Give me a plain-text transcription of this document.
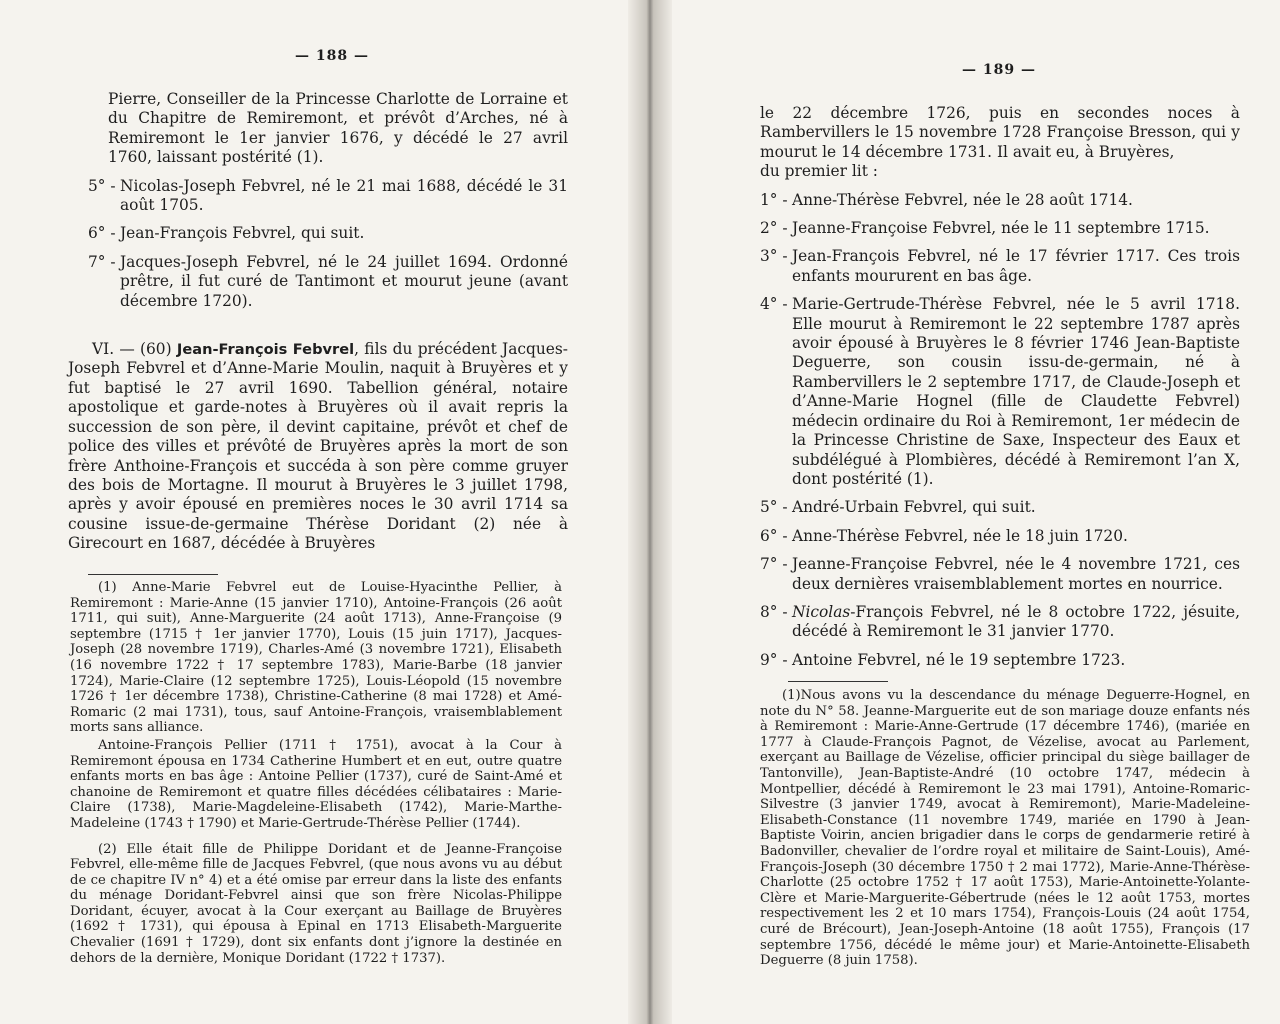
— 188 —

Pierre, Conseiller de la Princesse Charlotte de Lorraine et du Chapitre de Remiremont, et prévôt d’Arches, né à Remiremont le 1er janvier 1676, y décédé le 27 avril 1760, laissant postérité (1).

5° - Nicolas-Joseph Febvrel, né le 21 mai 1688, décédé le 31 août 1705.
6° - Jean-François Febvrel, qui suit.
7° - Jacques-Joseph Febvrel, né le 24 juillet 1694. Ordonné prêtre, il fut curé de Tantimont et mourut jeune (avant décembre 1720).

VI. — (60) Jean-François Febvrel, fils du précédent Jacques-Joseph Febvrel et d’Anne-Marie Moulin, naquit à Bruyères et y fut baptisé le 27 avril 1690. Tabellion général, notaire apostolique et garde-notes à Bruyères où il avait repris la succession de son père, il devint capitaine, prévôt et chef de police des villes et prévôté de Bruyères après la mort de son frère Anthoine-François et succéda à son père comme gruyer des bois de Mortagne. Il mourut à Bruyères le 3 juillet 1798, après y avoir épousé en premières noces le 30 avril 1714 sa cousine issue-de-germaine Thérèse Doridant (2) née à Girecourt en 1687, décédée à Bruyères

(1) Anne-Marie Febvrel eut de Louise-Hyacinthe Pellier, à Remiremont : Marie-Anne (15 janvier 1710), Antoine-François (26 août 1711, qui suit), Anne-Marguerite (24 août 1713), Anne-Françoise (9 septembre (1715 † 1er janvier 1770), Louis (15 juin 1717), Jacques-Joseph (28 novembre 1719), Charles-Amé (3 novembre 1721), Elisabeth (16 novembre 1722 † 17 septembre 1783), Marie-Barbe (18 janvier 1724), Marie-Claire (12 septembre 1725), Louis-Léopold (15 novembre 1726 † 1er décembre 1738), Christine-Catherine (8 mai 1728) et Amé-Romaric (2 mai 1731), tous, sauf Antoine-François, vraisemblablement morts sans alliance.

Antoine-François Pellier (1711 † 1751), avocat à la Cour à Remiremont épousa en 1734 Catherine Humbert et en eut, outre quatre enfants morts en bas âge : Antoine Pellier (1737), curé de Saint-Amé et chanoine de Remiremont et quatre filles décédées célibataires : Marie-Claire (1738), Marie-Magdeleine-Elisabeth (1742), Marie-Marthe-Madeleine (1743 † 1790) et Marie-Gertrude-Thérèse Pellier (1744).

(2) Elle était fille de Philippe Doridant et de Jeanne-Françoise Febvrel, elle-même fille de Jacques Febvrel, (que nous avons vu au début de ce chapitre IV n° 4) et a été omise par erreur dans la liste des enfants du ménage Doridant-Febvrel ainsi que son frère Nicolas-Philippe Doridant, écuyer, avocat à la Cour exerçant au Baillage de Bruyères (1692 † 1731), qui épousa à Epinal en 1713 Elisabeth-Marguerite Chevalier (1691 † 1729), dont six enfants dont j’ignore la destinée en dehors de la dernière, Monique Doridant (1722 † 1737).

— 189 —

le 22 décembre 1726, puis en secondes noces à Rambervillers le 15 novembre 1728 Françoise Bresson, qui y mourut le 14 décembre 1731. Il avait eu, à Bruyères,

du premier lit :

1° - Anne-Thérèse Febvrel, née le 28 août 1714.
2° - Jeanne-Françoise Febvrel, née le 11 septembre 1715.
3° - Jean-François Febvrel, né le 17 février 1717. Ces trois enfants moururent en bas âge.
4° - Marie-Gertrude-Thérèse Febvrel, née le 5 avril 1718. Elle mourut à Remiremont le 22 septembre 1787 après avoir épousé à Bruyères le 8 février 1746 Jean-Baptiste Deguerre, son cousin issu-de-germain, né à Rambervillers le 2 septembre 1717, de Claude-Joseph et d’Anne-Marie Hognel (fille de Claudette Febvrel) médecin ordinaire du Roi à Remiremont, 1er médecin de la Princesse Christine de Saxe, Inspecteur des Eaux et subdélégué à Plombières, décédé à Remiremont l’an X, dont postérité (1).
5° - André-Urbain Febvrel, qui suit.
6° - Anne-Thérèse Febvrel, née le 18 juin 1720.
7° - Jeanne-Françoise Febvrel, née le 4 novembre 1721, ces deux dernières vraisemblablement mortes en nourrice.
8° - Nicolas-François Febvrel, né le 8 octobre 1722, jésuite, décédé à Remiremont le 31 janvier 1770.
9° - Antoine Febvrel, né le 19 septembre 1723.

(1)Nous avons vu la descendance du ménage Deguerre-Hognel, en note du N° 58. Jeanne-Marguerite eut de son mariage douze enfants nés à Remiremont : Marie-Anne-Gertrude (17 décembre 1746), (mariée en 1777 à Claude-François Pagnot, de Vézelise, avocat au Parlement, exerçant au Baillage de Vézelise, officier principal du siège baillager de Tantonville), Jean-Baptiste-André (10 octobre 1747, médecin à Montpellier, décédé à Remiremont le 23 mai 1791), Antoine-Romaric-Silvestre (3 janvier 1749, avocat à Remiremont), Marie-Madeleine-Elisabeth-Constance (11 novembre 1749, mariée en 1790 à Jean-Baptiste Voirin, ancien brigadier dans le corps de gendarmerie retiré à Badonviller, chevalier de l’ordre royal et militaire de Saint-Louis), Amé-François-Joseph (30 décembre 1750 † 2 mai 1772), Marie-Anne-Thérèse-Charlotte (25 octobre 1752 † 17 août 1753), Marie-Antoinette-Yolante-Clère et Marie-Marguerite-Gébertrude (nées le 12 août 1753, mortes respectivement les 2 et 10 mars 1754), François-Louis (24 août 1754, curé de Brécourt), Jean-Joseph-Antoine (18 août 1755), François (17 septembre 1756, décédé le même jour) et Marie-Antoinette-Elisabeth Deguerre (8 juin 1758).
